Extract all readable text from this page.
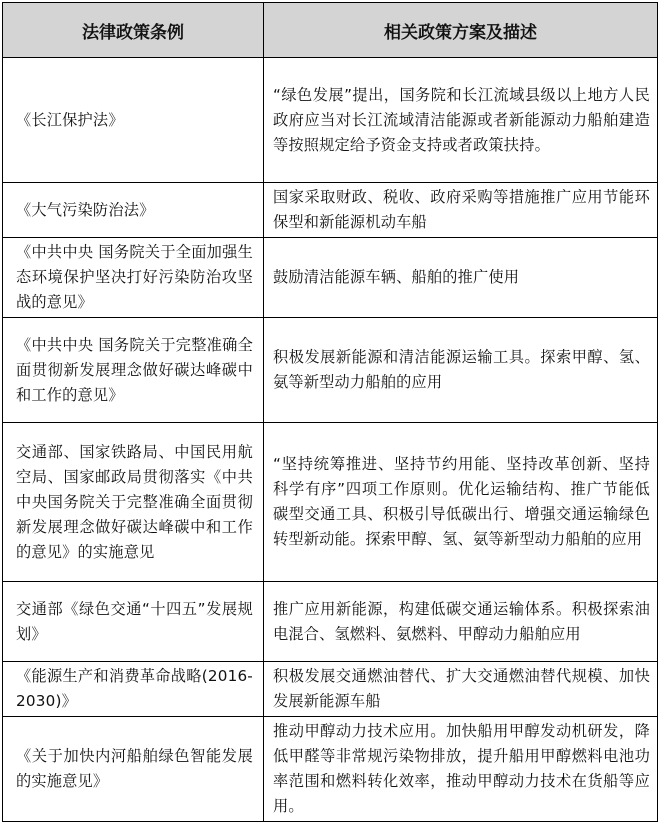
法律政策条例	相关政策方案及描述
《长江保护法》	“绿色发展”提出，国务院和长江流域县级以上地方人民政府应当对长江流域清洁能源或者新能源动力船舶建造等按照规定给予资金支持或者政策扶持。
《大气污染防治法》	国家采取财政、税收、政府采购等措施推广应用节能环保型和新能源机动车船
《中共中央 国务院关于全面加强生态环境保护坚决打好污染防治攻坚战的意见》	鼓励清洁能源车辆、船舶的推广使用
《中共中央 国务院关于完整准确全面贯彻新发展理念做好碳达峰碳中和工作的意见》	积极发展新能源和清洁能源运输工具。探索甲醇、氢、氨等新型动力船舶的应用
交通部、国家铁路局、中国民用航空局、国家邮政局贯彻落实《中共中央国务院关于完整准确全面贯彻新发展理念做好碳达峰碳中和工作的意见》的实施意见	“坚持统筹推进、坚持节约用能、坚持改革创新、坚持科学有序”四项工作原则。优化运输结构、推广节能低碳型交通工具、积极引导低碳出行、增强交通运输绿色转型新动能。探索甲醇、氢、氨等新型动力船舶的应用
交通部《绿色交通“十四五”发展规划》	推广应用新能源，构建低碳交通运输体系。积极探索油电混合、氢燃料、氨燃料、甲醇动力船舶应用
《能源生产和消费革命战略(2016-2030)》	积极发展交通燃油替代、扩大交通燃油替代规模、加快发展新能源车船
《关于加快内河船舶绿色智能发展的实施意见》	推动甲醇动力技术应用。加快船用甲醇发动机研发，降低甲醛等非常规污染物排放，提升船用甲醇燃料电池功率范围和燃料转化效率，推动甲醇动力技术在货船等应用。
